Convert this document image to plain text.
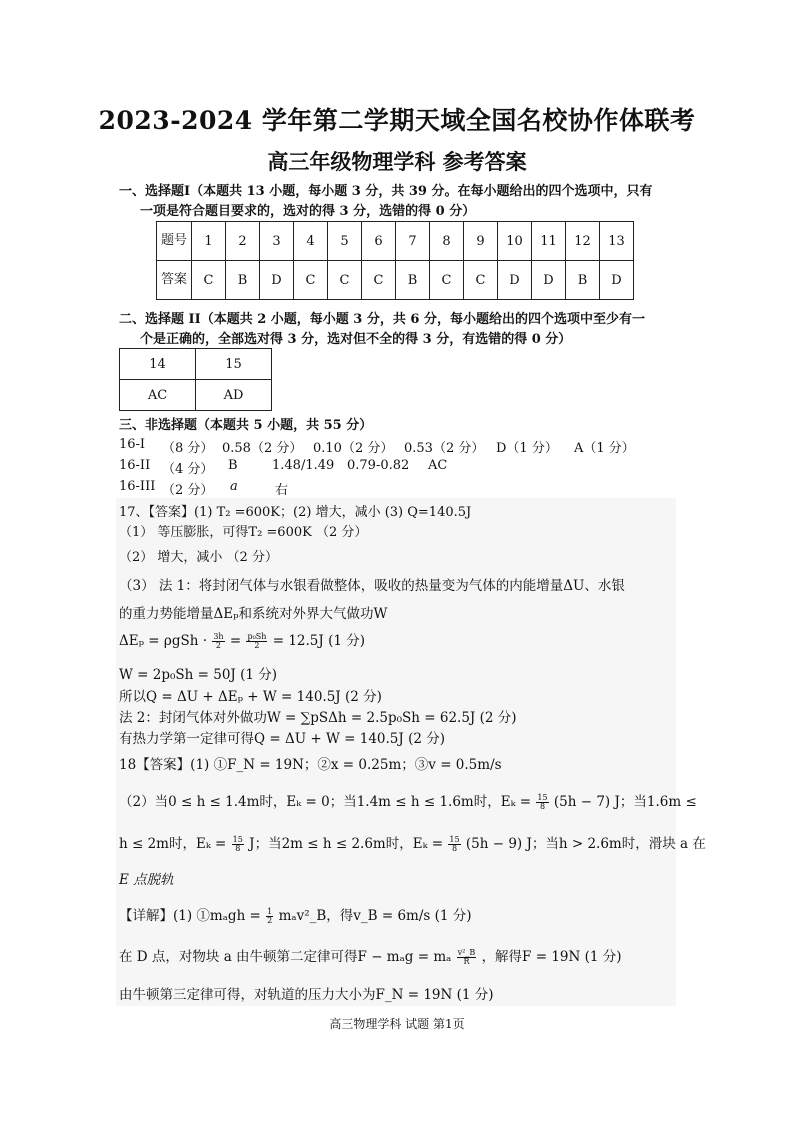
2023-2024 学年第二学期天域全国名校协作体联考
高三年级物理学科 参考答案
一、选择题I（本题共 13 小题，每小题 3 分，共 39 分。在每小题给出的四个选项中，只有
一项是符合题目要求的，选对的得 3 分，选错的得 0 分）
题号	1	2	3	4	5	6	7	8	9	10	11	12	13
答案	C	B	D	C	C	C	B	C	C	D	D	B	D
二、选择题 II（本题共 2 小题，每小题 3 分，共 6 分，每小题给出的四个选项中至少有一
个是正确的，全部选对得 3 分，选对但不全的得 3 分，有选错的得 0 分）
14	15
AC	AD
三、非选择题（本题共 5 小题，共 55 分）
16-I （8 分） 0.58（2 分） 0.10（2 分） 0.53（2 分） D（1 分） A（1 分）
16-II （4 分） B	1.48/1.49 0.79-0.82 AC
16-III （2 分） a	右
17、【答案】(1) T₂ =600K；(2) 增大，减小 (3) Q=140.5J
（1） 等压膨胀，可得T₂ =600K （2 分）
（2） 增大，减小 （2 分）
（3） 法 1：将封闭气体与水银看做整体，吸收的热量变为气体的内能增量ΔU、水银
的重力势能增量ΔEₚ和系统对外界大气做功W
$\Delta E_p = \rho gSh \cdot \frac{3h}{2} = \frac{\text{p₀Sh}}{2} = 12.5J$ (1 分)
W = 2p₀Sh = 50J (1 分)
所以Q = ΔU + ΔEₚ + W = 140.5J (2 分)
法 2：封闭气体对外做功W = ∑pSΔh = 2.5p₀Sh = 62.5J (2 分)
有热力学第一定律可得Q = ΔU + W = 140.5J (2 分)
18【答案】(1) ①F_N = 19N；②x = 0.25m；③v = 0.5m/s
（2）当0 ≤ h ≤ 1.4m时，Eₖ = 0；当1.4m ≤ h ≤ 1.6m时，$E_k = \frac{15}{8} (5h - 7)$ J；当1.6m ≤
h ≤ 2m时，$E_k = \frac{15}{8}$ J；当2m ≤ h ≤ 2.6m时，$E_k = \frac{15}{8} (5h - 9)$ J；当h > 2.6m时，滑块 a 在
E 点脱轨
【详解】(1) ①mₐgh = $\frac{1}{2}$ mₐv²_B，得v_B = 6m/s (1 分)
在 D 点，对物块 a 由牛顿第二定律可得F − mₐg = mₐ $\frac{\text{v²\_B}}{R}$ ，解得F = 19N (1 分)
由牛顿第三定律可得，对轨道的压力大小为F_N = 19N (1 分)
高三物理学科 试题 第1页
